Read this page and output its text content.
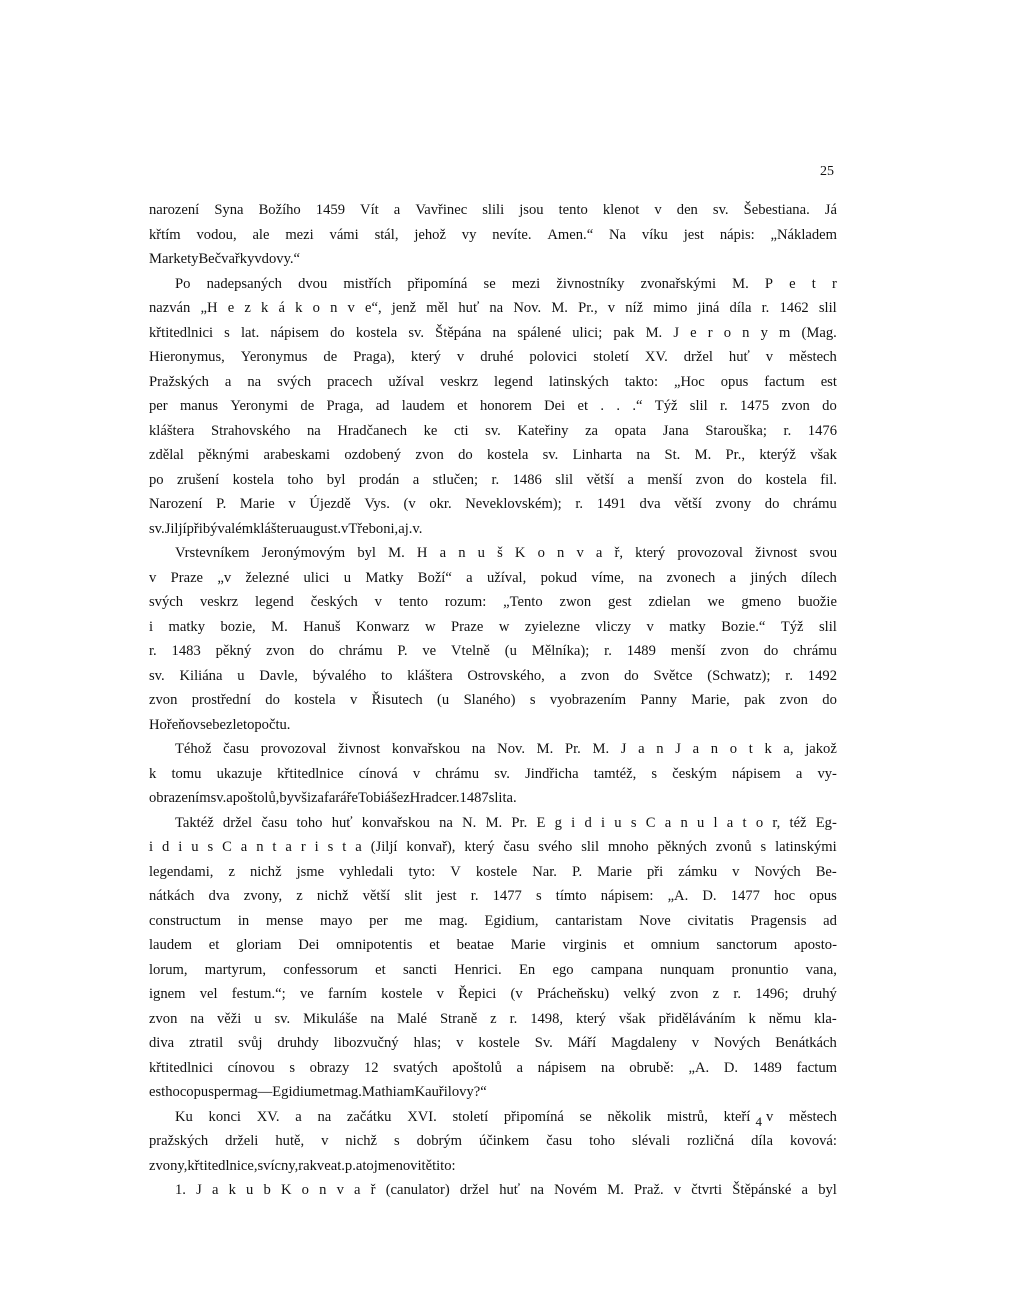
25
narození Syna Božího 1459 Vít a Vavřinec slili jsou tento klenot v den sv. Šebestiana. Já
křtím vodou, ale mezi vámi stál, jehož vy nevíte. Amen.“ Na víku jest nápis: „Nákladem
Markety Bečvařky vdovy.“
Po nadepsaných dvou mistřích připomíná se mezi živnostníky zvonařskými M. P e t r
nazván „H e z k á k o n v e“, jenž měl huť na Nov. M. Pr., v níž mimo jiná díla r. 1462 slil
křtitedlnici s lat. nápisem do kostela sv. Štěpána na spálené ulici; pak M. J e r o n y m (Mag.
Hieronymus, Yeronymus de Praga), který v druhé polovici století XV. držel huť v městech
Pražských a na svých pracech užíval veskrz legend latinských takto: „Hoc opus factum est
per manus Yeronymi de Praga, ad laudem et honorem Dei et . . .“ Týž slil r. 1475 zvon do
kláštera Strahovského na Hradčanech ke cti sv. Kateřiny za opata Jana Starouška; r. 1476
zdělal pěknými arabeskami ozdobený zvon do kostela sv. Linharta na St. M. Pr., kterýž však
po zrušení kostela toho byl prodán a stlučen; r. 1486 slil větší a menší zvon do kostela fil.
Narození P. Marie v Újezdě Vys. (v okr. Neveklovském); r. 1491 dva větší zvony do chrámu
sv. Jiljí při bývalém klášteru august. v Třeboni, a j. v.
Vrstevníkem Jeronýmovým byl M. H a n u š K o n v a ř, který provozoval živnost svou
v Praze „v železné ulici u Matky Boží“ a užíval, pokud víme, na zvonech a jiných dílech
svých veskrz legend českých v tento rozum: „Tento zwon gest zdielan we gmeno buožie
i matky bozie, M. Hanuš Konwarz w Praze w zyielezne vliczy v matky Bozie.“ Týž slil
r. 1483 pěkný zvon do chrámu P. ve Vtelně (u Mělníka); r. 1489 menší zvon do chrámu
sv. Kiliána u Davle, bývalého to kláštera Ostrovského, a zvon do Světce (Schwatz); r. 1492
zvon prostřední do kostela v Řisutech (u Slaného) s vyobrazením Panny Marie, pak zvon do
Hořeňovse bez letopočtu.
Téhož času provozoval živnost konvařskou na Nov. M. Pr. M. J a n J a n o t k a, jakož
k tomu ukazuje křtitedlnice cínová v chrámu sv. Jindřicha tamtéž, s českým nápisem a vy-
obrazením sv. apoštolů, byvši za faráře Tobiáše z Hradce r. 1487 slita.
Taktéž držel času toho huť konvařskou na N. M. Pr. E g i d i u s C a n u l a t o r, též Eg-
i d i u s C a n t a r i s t a (Jiljí konvař), který času svého slil mnoho pěkných zvonů s latinskými
legendami, z nichž jsme vyhledali tyto: V kostele Nar. P. Marie při zámku v Nových Be-
nátkách dva zvony, z nichž větší slit jest r. 1477 s tímto nápisem: „A. D. 1477 hoc opus
constructum in mense mayo per me mag. Egidium, cantaristam Nove civitatis Pragensis ad
laudem et gloriam Dei omnipotentis et beatae Marie virginis et omnium sanctorum aposto-
lorum, martyrum, confessorum et sancti Henrici. En ego campana nunquam pronuntio vana,
ignem vel festum.“; ve farním kostele v Řepici (v Prácheňsku) velký zvon z r. 1496; druhý
zvon na věži u sv. Mikuláše na Malé Straně z r. 1498, který však přiděláváním k němu kla-
diva ztratil svůj druhdy libozvučný hlas; v kostele Sv. Máří Magdaleny v Nových Benátkách
křtitedlnici cínovou s obrazy 12 svatých apoštolů a nápisem na obrubě: „A. D. 1489 factum
est hoc opus per mag — Egidium et mag. Mathiam Kauřilovy?“
Ku konci XV. a na začátku XVI. století připomíná se několik mistrů, kteří v městech
pražských drželi hutě, v nichž s dobrým účinkem času toho slévali rozličná díla kovová:
zvony, křtitedlnice, svícny, rakve a t. p. a to jmenovitě tito:
1. J a k u b K o n v a ř (canulator) držel huť na Novém M. Praž. v čtvrti Štěpánské a byl
4
